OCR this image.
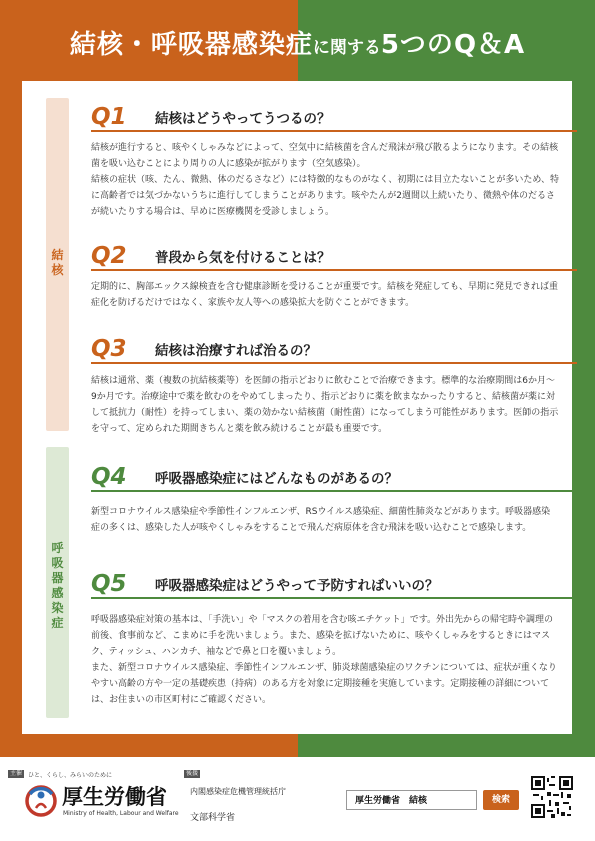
結核・呼吸器感染症に関する5つのQ＆A
結
核
呼
吸
器
感
染
症
Q1 結核はどうやってうつるの？

結核が進行すると、咳やくしゃみなどによって、空気中に結核菌を含んだ飛沫が飛び散るようになります。その結核菌を吸い込むことにより周りの人に感染が拡がります（空気感染）。

結核の症状（咳、たん、微熱、体のだるさなど）には特徴的なものがなく、初期には目立たないことが多いため、特に高齢者では気づかないうちに進行してしまうことがあります。咳やたんが2週間以上続いたり、微熱や体のだるさが続いたりする場合は、早めに医療機関を受診しましょう。

Q2 普段から気を付けることは？

定期的に、胸部エックス線検査を含む健康診断を受けることが重要です。結核を発症しても、早期に発見できれば重症化を防げるだけではなく、家族や友人等への感染拡大を防ぐことができます。

Q3 結核は治療すれば治るの？

結核は通常、薬（複数の抗結核薬等）を医師の指示どおりに飲むことで治療できます。標準的な治療期間は6か月～9か月です。治療途中で薬を飲むのをやめてしまったり、指示どおりに薬を飲まなかったりすると、結核菌が薬に対して抵抗力（耐性）を持ってしまい、薬の効かない結核菌（耐性菌）になってしまう可能性があります。医師の指示を守って、定められた期間きちんと薬を飲み続けることが最も重要です。

Q4 呼吸器感染症にはどんなものがあるの？

新型コロナウイルス感染症や季節性インフルエンザ、RSウイルス感染症、細菌性肺炎などがあります。呼吸器感染症の多くは、感染した人が咳やくしゃみをすることで飛んだ病原体を含む飛沫を吸い込むことで感染します。

Q5 呼吸器感染症はどうやって予防すればいいの？

呼吸器感染症対策の基本は、「手洗い」や「マスクの着用を含む咳エチケット」です。外出先からの帰宅時や調理の前後、食事前など、こまめに手を洗いましょう。また、感染を拡げないために、咳やくしゃみをするときにはマスク、ティッシュ、ハンカチ、袖などで鼻と口を覆いましょう。

また、新型コロナウイルス感染症、季節性インフルエンザ、肺炎球菌感染症のワクチンについては、症状が重くなりやすい高齢の方や一定の基礎疾患（持病）のある方を対象に定期接種を実施しています。定期接種の詳細については、お住まいの市区町村にご確認ください。

主催 ひと、くらし、みらいのために
厚生労働省
Ministry of Health, Labour and Welfare
後援
内閣感染症危機管理統括庁
文部科学省
厚生労働省　結核	検索
